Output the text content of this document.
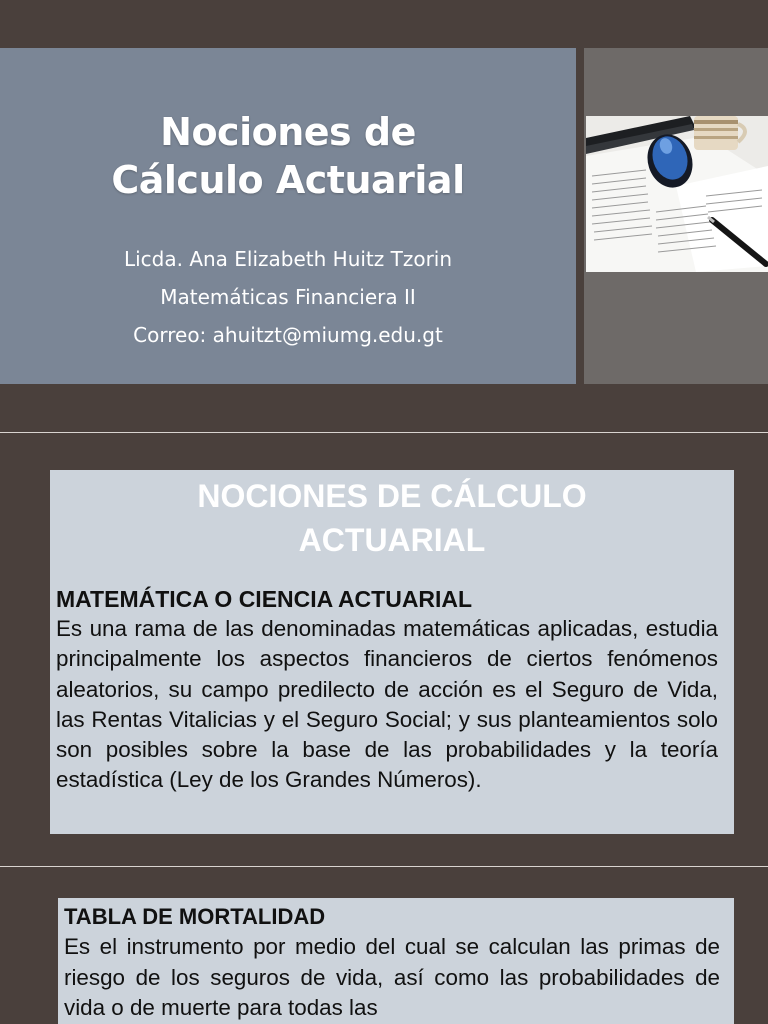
Nociones de
Cálculo Actuarial
Licda. Ana Elizabeth Huitz Tzorin
Matemáticas Financiera II
Correo: ahuitzt@miumg.edu.gt
NOCIONES DE CÁLCULO
ACTUARIAL

MATEMÁTICA O CIENCIA ACTUARIAL

Es una rama de las denominadas matemáticas aplicadas, estudia principalmente los aspectos financieros de ciertos fenómenos aleatorios, su campo predilecto de acción es el Seguro de Vida, las Rentas Vitalicias y el Seguro Social; y sus planteamientos solo son posibles sobre la base de las probabilidades y la teoría estadística (Ley de los Grandes Números).

TABLA DE MORTALIDAD

Es el instrumento por medio del cual se calculan las primas de riesgo de los seguros de vida, así como las probabilidades de vida o de muerte para todas las
